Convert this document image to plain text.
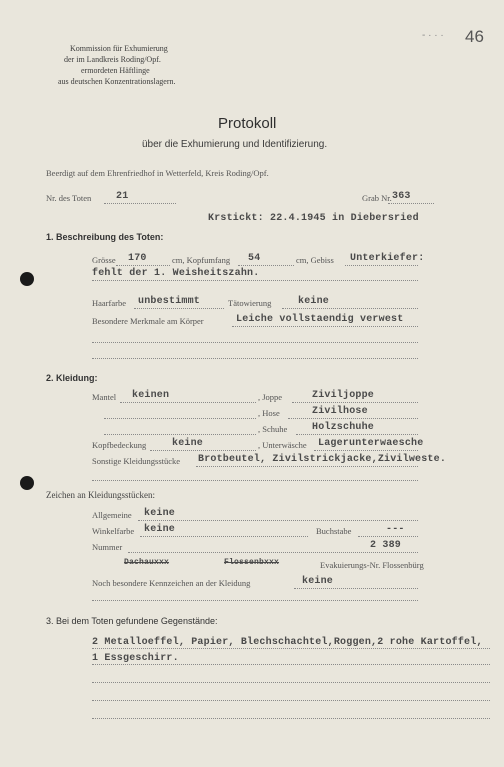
Kommission für Exhumierung
der im Landkreis Roding/Opf.
ermordeten Häftlinge
aus deutschen Konzentrationslagern.
- · · · 46
Protokoll
über die Exhumierung und Identifizierung.
Beerdigt auf dem Ehrenfriedhof in Wetterfeld, Kreis Roding/Opf.
Nr. des Toten 21	Grab Nr. 363
Krstickt: 22.4.1945 in Diebersried
1. Beschreibung des Toten:
Grösse 170	cm, Kopfumfang 54	cm, Gebiss Unterkiefer:
fehlt der 1. Weisheitszahn.
Haarfarbe unbestimmt	Tätowierung	keine
Besondere Merkmale am Körper	Leiche vollstaendig verwest
2. Kleidung:
Mantel keinen	, Joppe	Ziviljoppe
, Hose	Zivilhose
, Schuhe Holzschuhe
Kopfbedeckung	keine	, Unterwäsche Lagerunterwaesche
Sonstige Kleidungsstücke Brotbeutel, Zivilstrickjacke,Zivilweste.
Zeichen an Kleidungsstücken:
Allgemeine keine
Winkelfarbe keine	Buchstabe	---
Nummer	2 389
Dachauxxx	Flossenbxxx	Evakuierungs-Nr. Flossenbürg
Noch besondere Kennzeichen an der Kleidung	keine
3. Bei dem Toten gefundene Gegenstände:
2 Metalloeffel, Papier, Blechschachtel,Roggen,2 rohe Kartoffel,
1 Essgeschirr.
